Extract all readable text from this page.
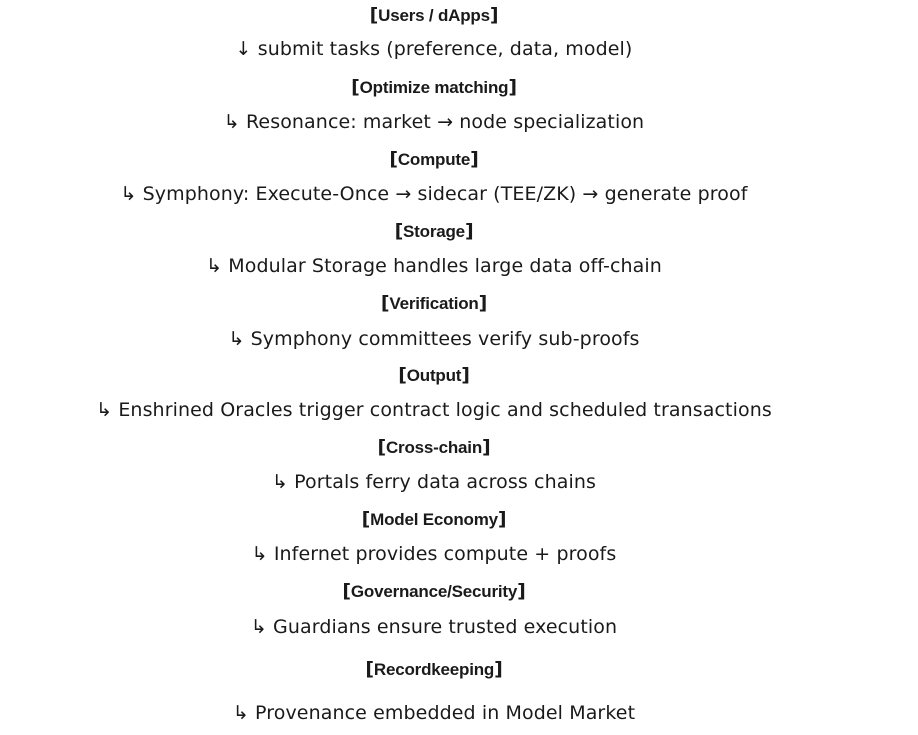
[Users / dApps]
↓ submit tasks (preference, data, model)
[Optimize matching]
↳ Resonance: market → node specialization
[Compute]
↳ Symphony: Execute-Once → sidecar (TEE/ZK) → generate proof
[Storage]
↳ Modular Storage handles large data off-chain
[Verification]
↳ Symphony committees verify sub-proofs
[Output]
↳ Enshrined Oracles trigger contract logic and scheduled transactions
[Cross-chain]
↳ Portals ferry data across chains
[Model Economy]
↳ Infernet provides compute + proofs
[Governance/Security]
↳ Guardians ensure trusted execution
[Recordkeeping]
↳ Provenance embedded in Model Market
